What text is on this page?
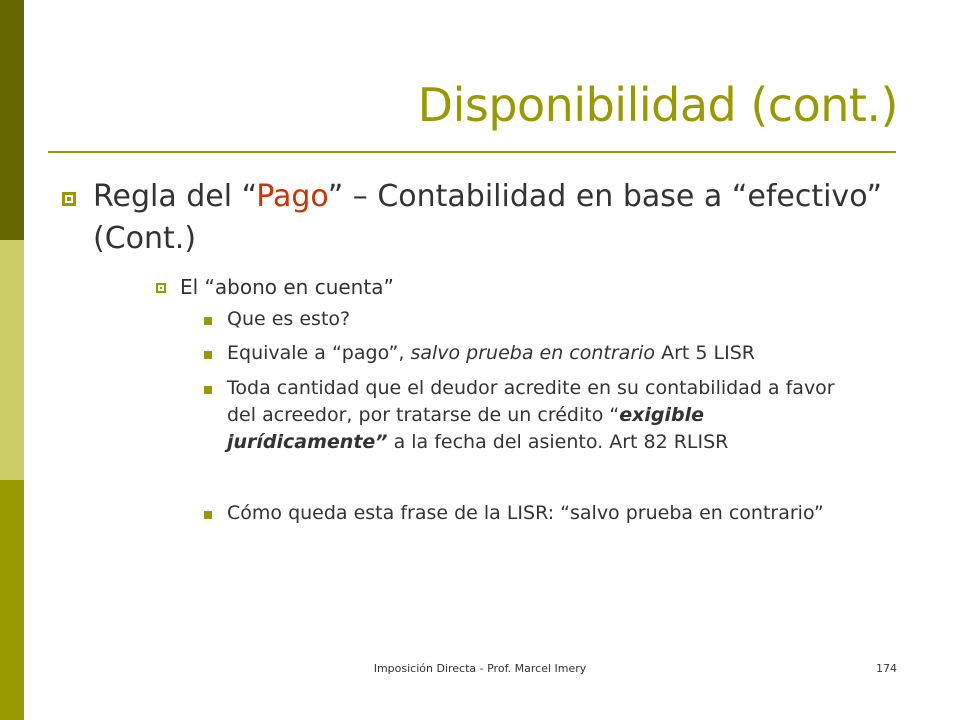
Disponibilidad (cont.)
Regla del “Pago” – Contabilidad en base a “efectivo” (Cont.)
El “abono en cuenta”
Que es esto?
Equivale a “pago”, salvo prueba en contrario Art 5 LISR
Toda cantidad que el deudor acredite en su contabilidad a favor del acreedor, por tratarse de un crédito “exigible jurídicamente” a la fecha del asiento. Art 82 RLISR
Cómo queda esta frase de la LISR: “salvo prueba en contrario”
Imposición Directa - Prof. Marcel Imery	174
